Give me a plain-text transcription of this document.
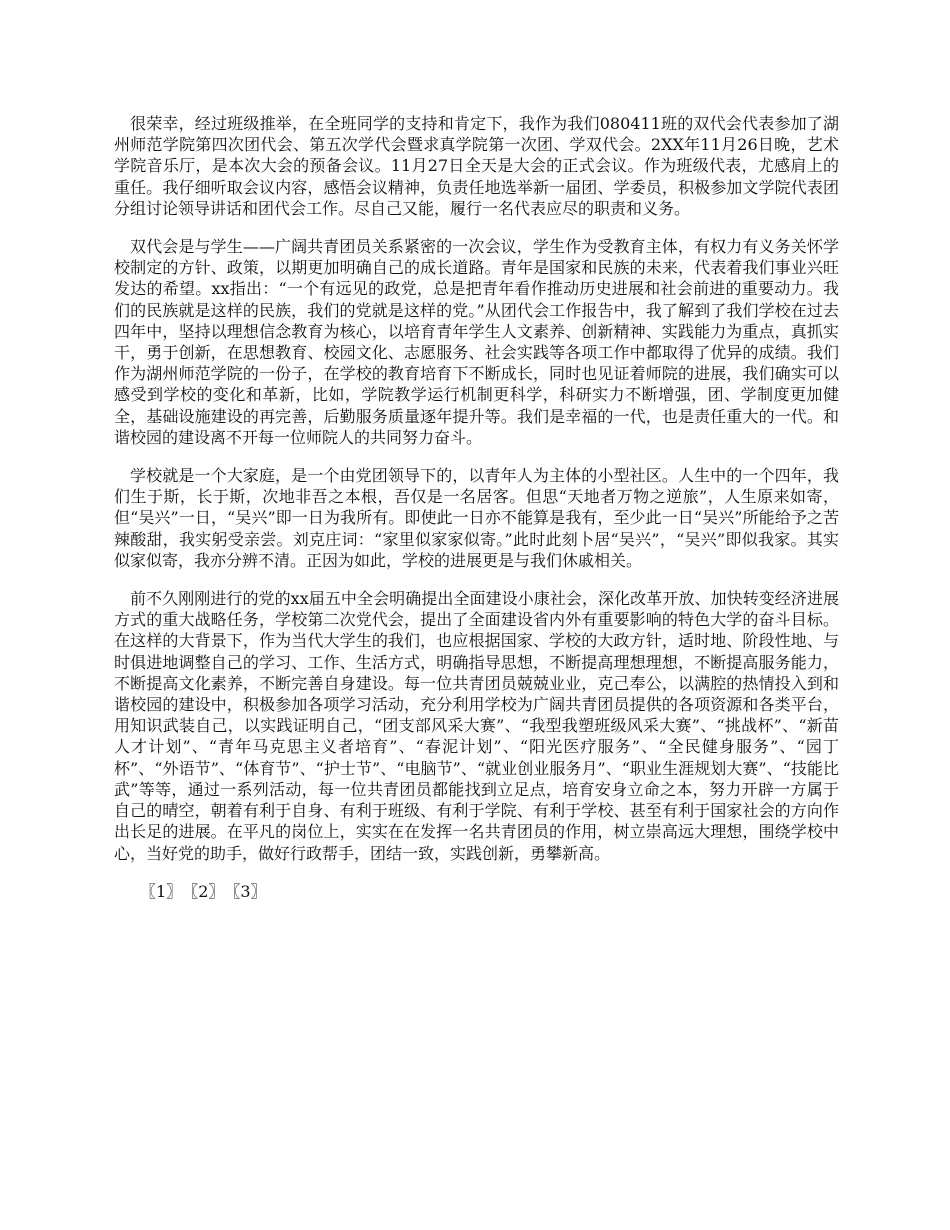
很荣幸，经过班级推举，在全班同学的支持和肯定下，我作为我们080411班的双代会代表参加了湖州师范学院第四次团代会、第五次学代会暨求真学院第一次团、学双代会。2XX年11月26日晚，艺术学院音乐厅，是本次大会的预备会议。11月27日全天是大会的正式会议。作为班级代表，尤感肩上的重任。我仔细听取会议内容，感悟会议精神，负责任地选举新一届团、学委员，积极参加文学院代表团分组讨论领导讲话和团代会工作。尽自己又能，履行一名代表应尽的职责和义务。

双代会是与学生——广阔共青团员关系紧密的一次会议，学生作为受教育主体，有权力有义务关怀学校制定的方针、政策，以期更加明确自己的成长道路。青年是国家和民族的未来，代表着我们事业兴旺发达的希望。xx指出：“一个有远见的政党，总是把青年看作推动历史进展和社会前进的重要动力。我们的民族就是这样的民族，我们的党就是这样的党。”从团代会工作报告中，我了解到了我们学校在过去四年中，坚持以理想信念教育为核心，以培育青年学生人文素养、创新精神、实践能力为重点，真抓实干，勇于创新，在思想教育、校园文化、志愿服务、社会实践等各项工作中都取得了优异的成绩。我们作为湖州师范学院的一份子，在学校的教育培育下不断成长，同时也见证着师院的进展，我们确实可以感受到学校的变化和革新，比如，学院教学运行机制更科学，科研实力不断增强，团、学制度更加健全，基础设施建设的再完善，后勤服务质量逐年提升等。我们是幸福的一代，也是责任重大的一代。和谐校园的建设离不开每一位师院人的共同努力奋斗。

学校就是一个大家庭，是一个由党团领导下的，以青年人为主体的小型社区。人生中的一个四年，我们生于斯，长于斯，次地非吾之本根，吾仅是一名居客。但思“天地者万物之逆旅”，人生原来如寄，但“吴兴”一日，“吴兴”即一日为我所有。即使此一日亦不能算是我有，至少此一日“吴兴”所能给予之苦辣酸甜，我实躬受亲尝。刘克庄词：“家里似家家似寄。”此时此刻卜居“吴兴”，“吴兴”即似我家。其实似家似寄，我亦分辨不清。正因为如此，学校的进展更是与我们休戚相关。

前不久刚刚进行的党的xx届五中全会明确提出全面建设小康社会，深化改革开放、加快转变经济进展方式的重大战略任务，学校第二次党代会，提出了全面建设省内外有重要影响的特色大学的奋斗目标。在这样的大背景下，作为当代大学生的我们，也应根据国家、学校的大政方针，适时地、阶段性地、与时俱进地调整自己的学习、工作、生活方式，明确指导思想，不断提高理想理想，不断提高服务能力，不断提高文化素养，不断完善自身建设。每一位共青团员兢兢业业，克己奉公，以满腔的热情投入到和谐校园的建设中，积极参加各项学习活动，充分利用学校为广阔共青团员提供的各项资源和各类平台，用知识武装自己，以实践证明自己，“团支部风采大赛”、“我型我塑班级风采大赛”、“挑战杯”、“新苗人才计划”、“青年马克思主义者培育”、“春泥计划”、“阳光医疗服务”、“全民健身服务”、“园丁杯”、“外语节”、“体育节”、“护士节”、“电脑节”、“就业创业服务月”、“职业生涯规划大赛”、“技能比武”等等，通过一系列活动，每一位共青团员都能找到立足点，培育安身立命之本，努力开辟一方属于自己的晴空，朝着有利于自身、有利于班级、有利于学院、有利于学校、甚至有利于国家社会的方向作出长足的进展。在平凡的岗位上，实实在在发挥一名共青团员的作用，树立崇高远大理想，围绕学校中心，当好党的助手，做好行政帮手，团结一致，实践创新，勇攀新高。

〖1〗〖2〗〖3〗
